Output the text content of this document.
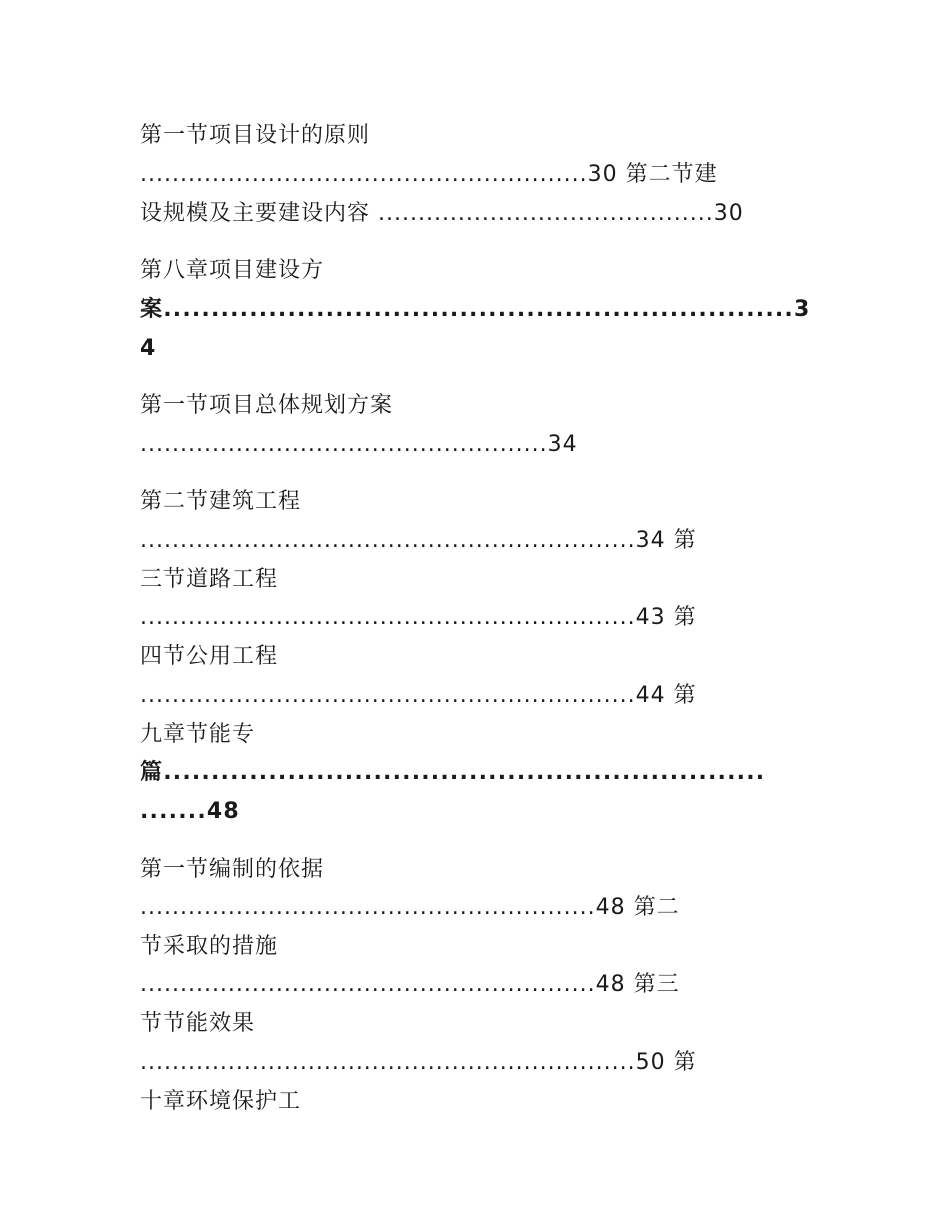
第一节项目设计的原则

........................................................30 第二节建

设规模及主要建设内容 ..........................................30

第八章项目建设方

案..................................................................3

4

第一节项目总体规划方案

...................................................34

第二节建筑工程

..............................................................34 第

三节道路工程

..............................................................43 第

四节公用工程

..............................................................44 第

九章节能专

篇...............................................................

.......48

第一节编制的依据

.........................................................48 第二

节采取的措施

.........................................................48 第三

节节能效果

..............................................................50 第

十章环境保护工
